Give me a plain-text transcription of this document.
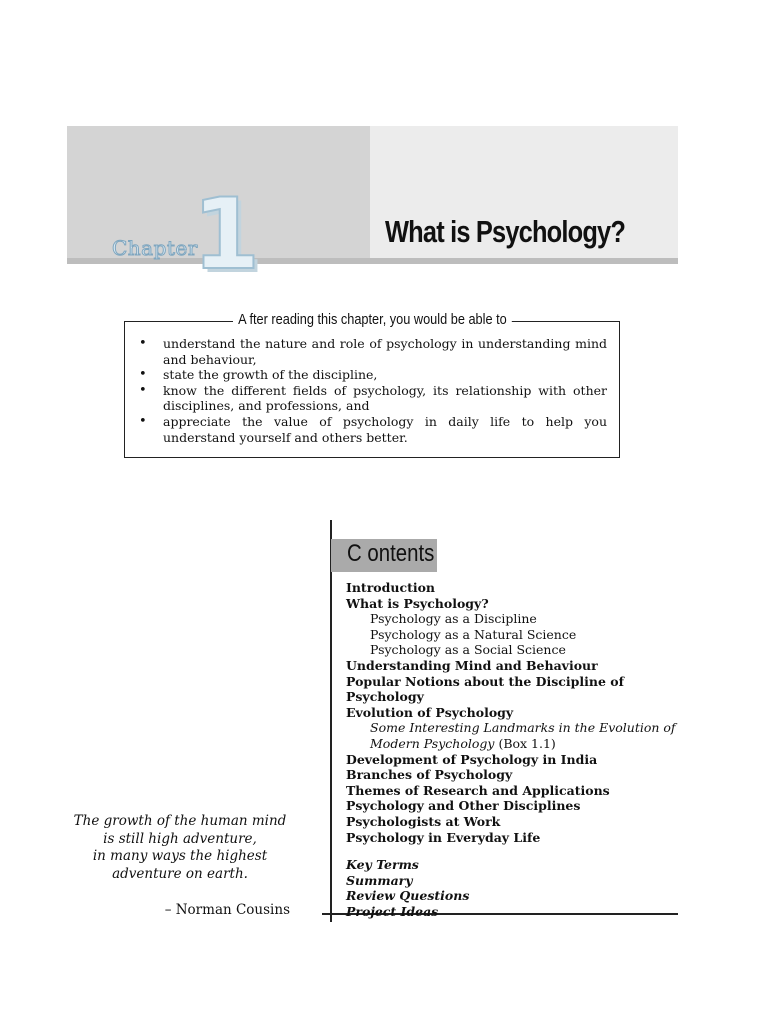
Chapter
1	What is Psychology?
A fter reading this chapter, you would be able to
• understand the nature and role of psychology in understanding mind and behaviour,
• state the growth of the discipline,
• know the different fields of psychology, its relationship with other disciplines, and professions, and
• appreciate the value of psychology in daily life to help you understand yourself and others better.
C ontents
Introduction
What is Psychology?
Psychology as a Discipline
Psychology as a Natural Science
Psychology as a Social Science
Understanding Mind and Behaviour
Popular Notions about the Discipline of Psychology
Evolution of Psychology
Some Interesting Landmarks in the Evolution of Modern Psychology (Box 1.1)
Development of Psychology in India
Branches of Psychology
Themes of Research and Applications
Psychology and Other Disciplines
Psychologists at Work
Psychology in Everyday Life
Key Terms
Summary
Review Questions
Project Ideas
The growth of the human mind
is still high adventure,
in many ways the highest
adventure on earth.
– Norman Cousins
